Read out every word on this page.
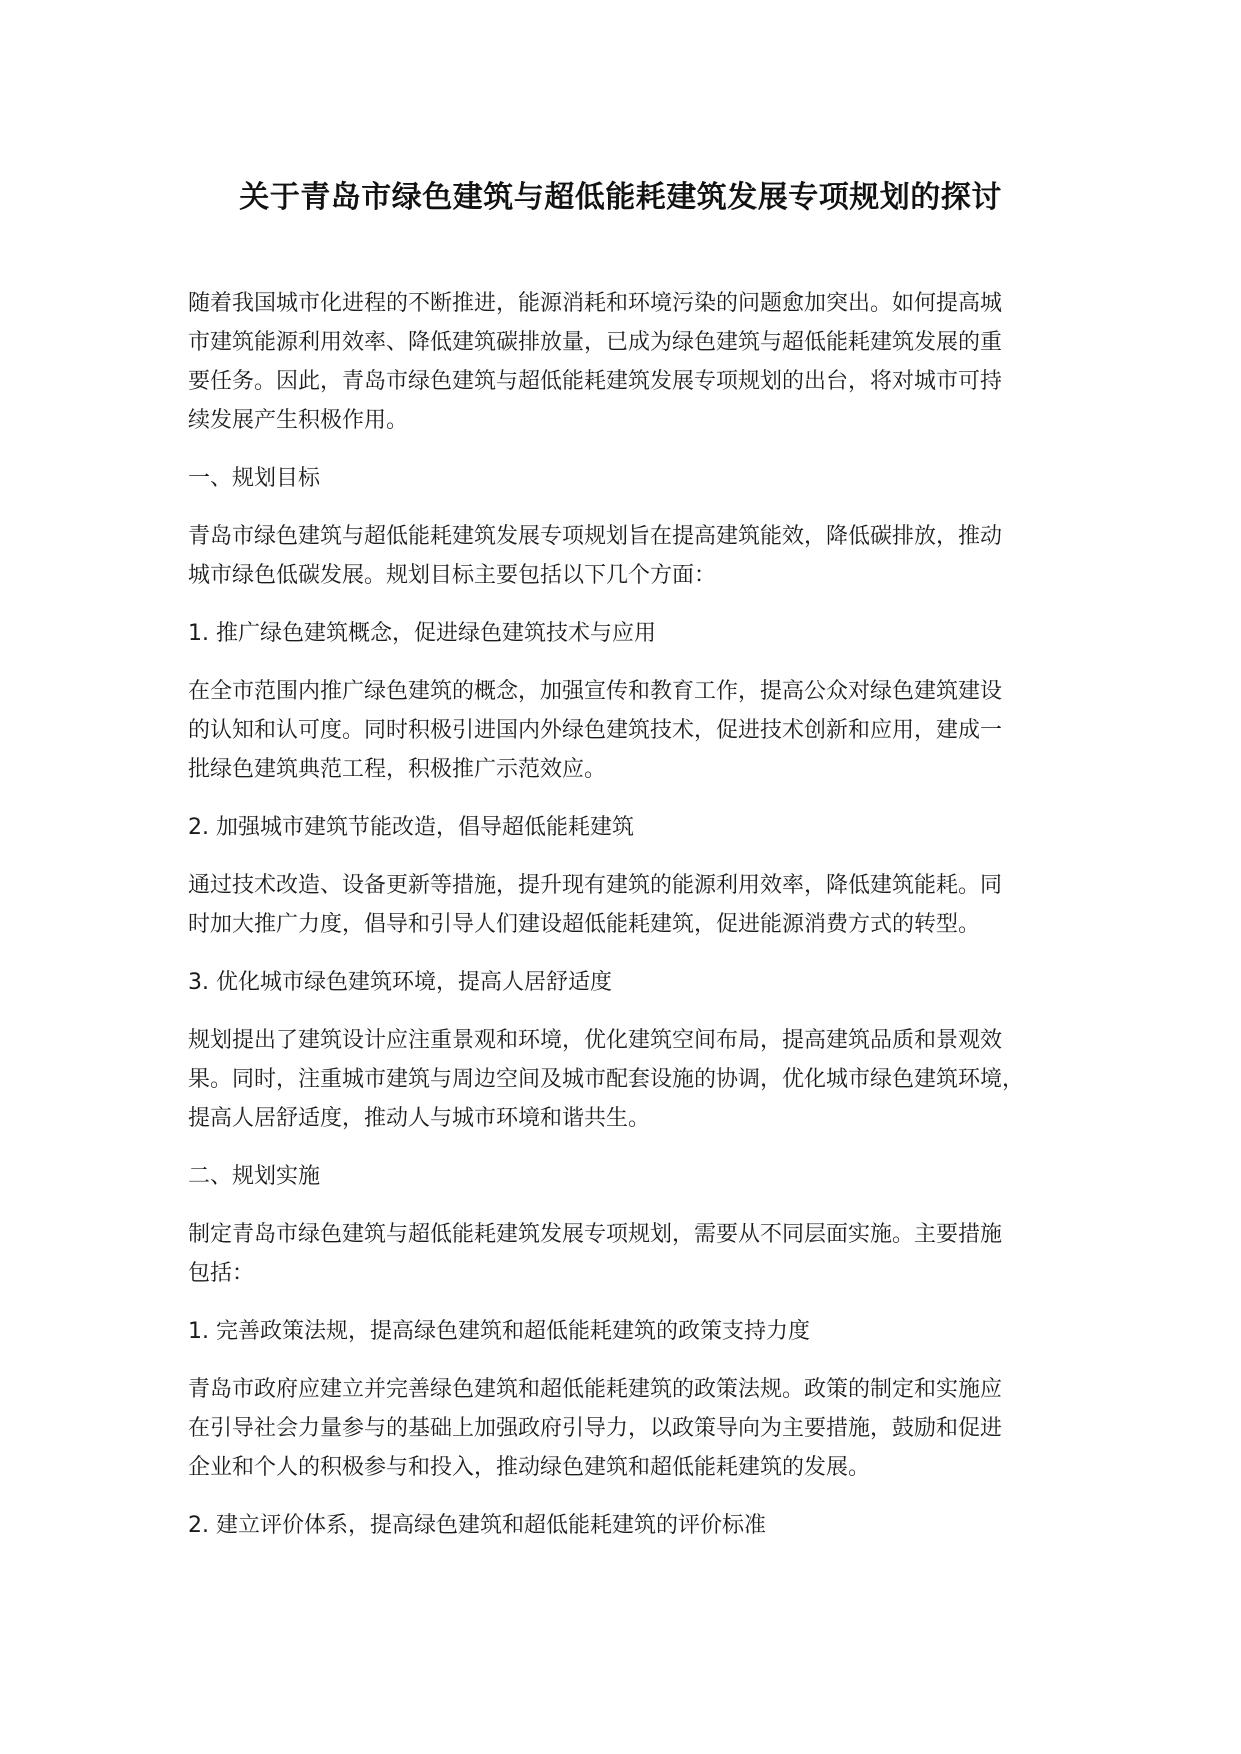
关于青岛市绿色建筑与超低能耗建筑发展专项规划的探讨

随着我国城市化进程的不断推进，能源消耗和环境污染的问题愈加突出。如何提高城
市建筑能源利用效率、降低建筑碳排放量，已成为绿色建筑与超低能耗建筑发展的重
要任务。因此，青岛市绿色建筑与超低能耗建筑发展专项规划的出台，将对城市可持
续发展产生积极作用。

一、规划目标

青岛市绿色建筑与超低能耗建筑发展专项规划旨在提高建筑能效，降低碳排放，推动
城市绿色低碳发展。规划目标主要包括以下几个方面：

1. 推广绿色建筑概念，促进绿色建筑技术与应用

在全市范围内推广绿色建筑的概念，加强宣传和教育工作，提高公众对绿色建筑建设
的认知和认可度。同时积极引进国内外绿色建筑技术，促进技术创新和应用，建成一
批绿色建筑典范工程，积极推广示范效应。

2. 加强城市建筑节能改造，倡导超低能耗建筑

通过技术改造、设备更新等措施，提升现有建筑的能源利用效率，降低建筑能耗。同
时加大推广力度，倡导和引导人们建设超低能耗建筑，促进能源消费方式的转型。

3. 优化城市绿色建筑环境，提高人居舒适度

规划提出了建筑设计应注重景观和环境，优化建筑空间布局，提高建筑品质和景观效
果。同时，注重城市建筑与周边空间及城市配套设施的协调，优化城市绿色建筑环境，
提高人居舒适度，推动人与城市环境和谐共生。

二、规划实施

制定青岛市绿色建筑与超低能耗建筑发展专项规划，需要从不同层面实施。主要措施
包括：

1. 完善政策法规，提高绿色建筑和超低能耗建筑的政策支持力度

青岛市政府应建立并完善绿色建筑和超低能耗建筑的政策法规。政策的制定和实施应
在引导社会力量参与的基础上加强政府引导力，以政策导向为主要措施，鼓励和促进
企业和个人的积极参与和投入，推动绿色建筑和超低能耗建筑的发展。

2. 建立评价体系，提高绿色建筑和超低能耗建筑的评价标准
